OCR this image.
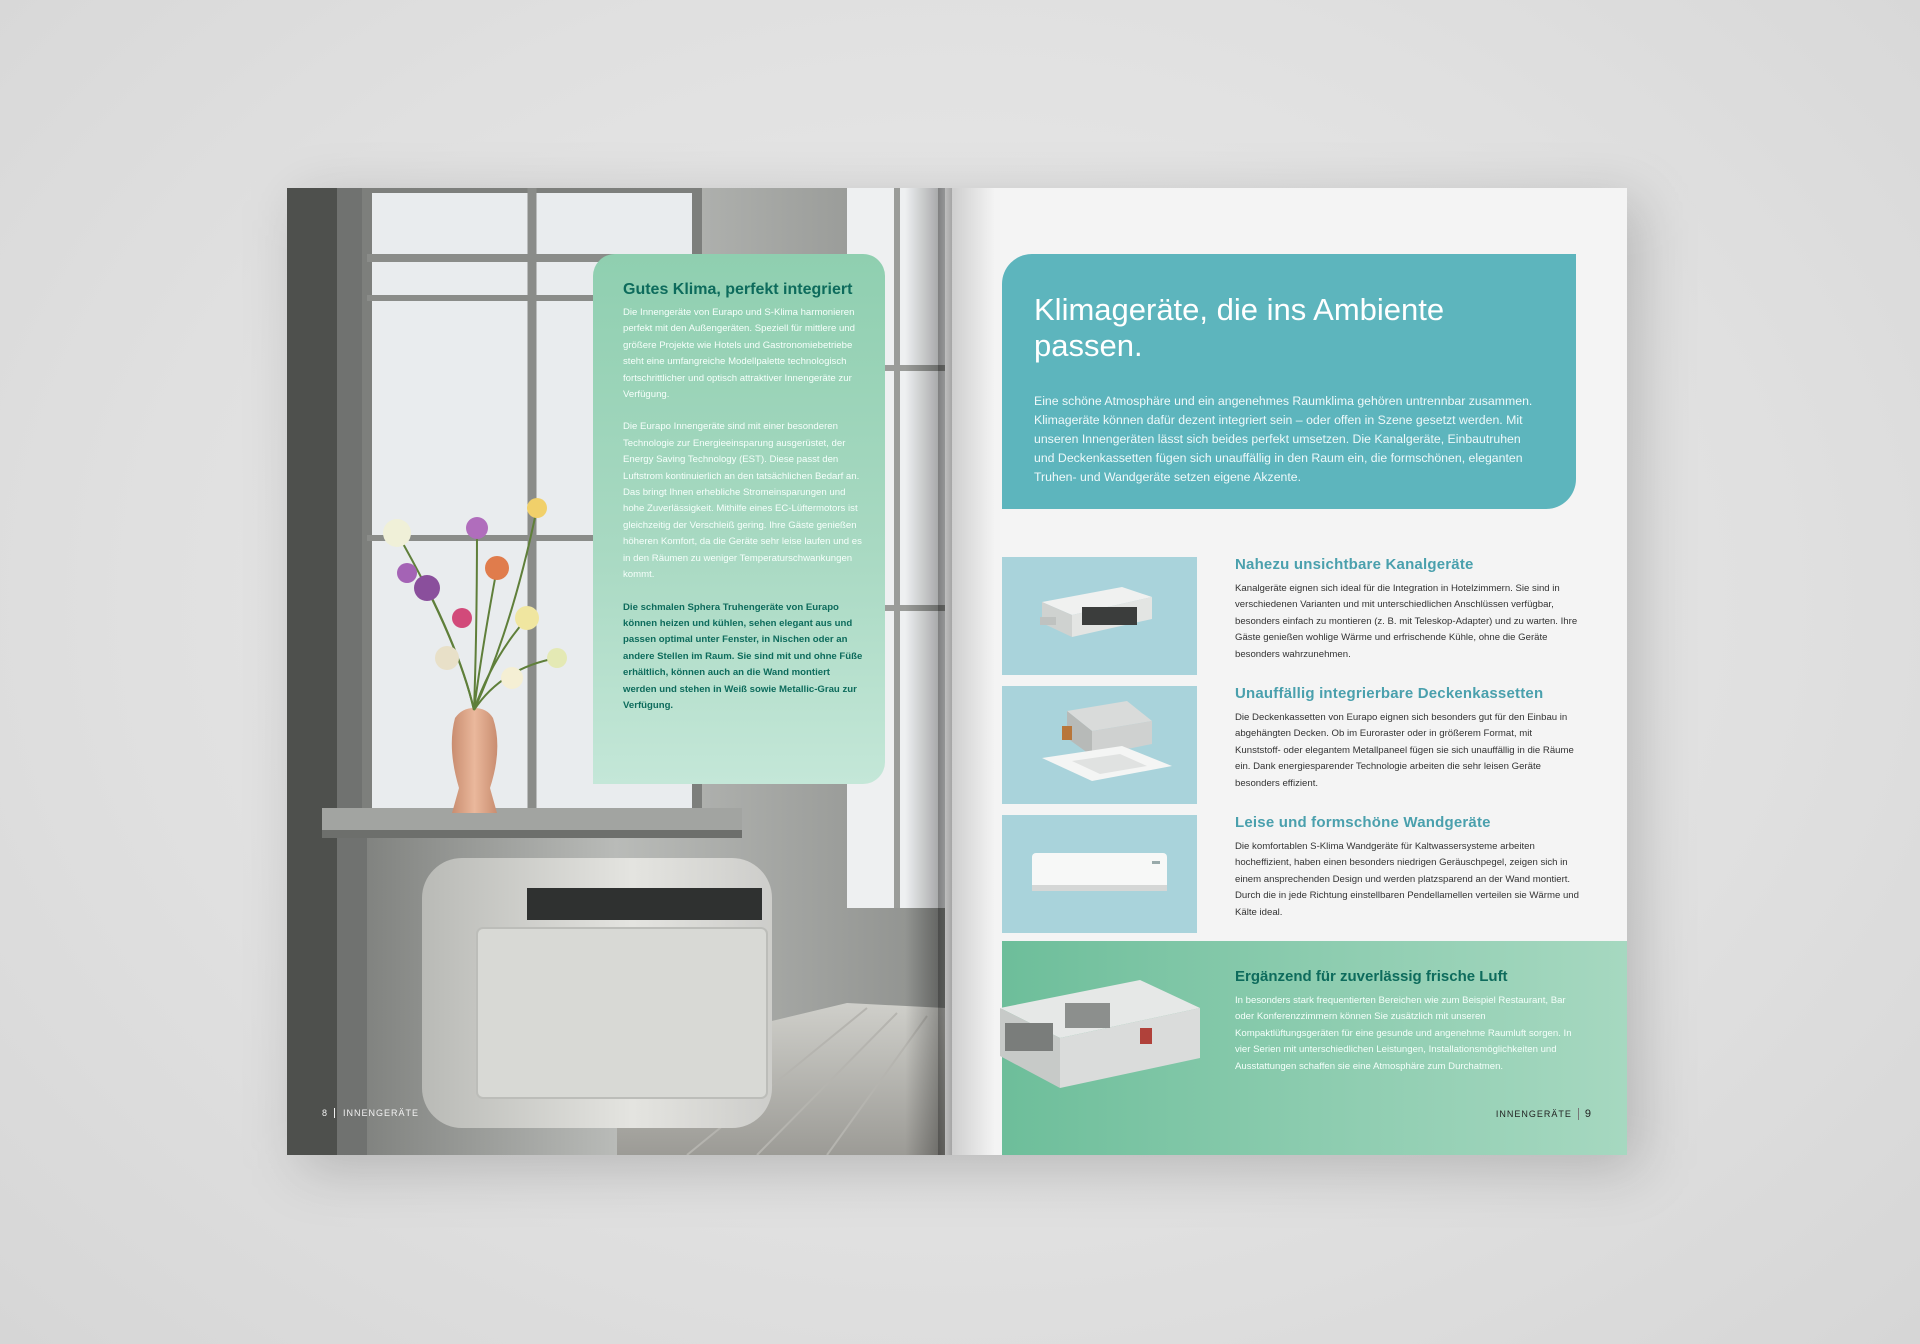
Gutes Klima, perfekt integriert

Die Innengeräte von Eurapo und S-Klima harmonieren perfekt mit den Außengeräten. Speziell für mittlere und größere Projekte wie Hotels und Gastronomiebetriebe steht eine umfangreiche Modellpalette technologisch fortschrittlicher und optisch attraktiver Innengeräte zur Verfügung.

Die Eurapo Innengeräte sind mit einer besonderen Technologie zur Energieeinsparung ausgerüstet, der Energy Saving Technology (EST). Diese passt den Luftstrom kontinuierlich an den tatsächlichen Bedarf an. Das bringt Ihnen erhebliche Stromeinsparungen und hohe Zuverlässigkeit. Mithilfe eines EC-Lüftermotors ist gleichzeitig der Verschleiß gering. Ihre Gäste genießen höheren Komfort, da die Geräte sehr leise laufen und es in den Räumen zu weniger Temperaturschwankungen kommt.

Die schmalen Sphera Truhengeräte von Eurapo können heizen und kühlen, sehen elegant aus und passen optimal unter Fenster, in Nischen oder an andere Stellen im Raum. Sie sind mit und ohne Füße erhältlich, können auch an die Wand montiert werden und stehen in Weiß sowie Metallic-Grau zur Verfügung.

8 INNENGERÄTE
Klimageräte, die ins Ambiente passen.

Eine schöne Atmosphäre und ein angenehmes Raumklima gehören untrennbar zusammen. Klimageräte können dafür dezent integriert sein – oder offen in Szene gesetzt werden. Mit unseren Innengeräten lässt sich beides perfekt umsetzen. Die Kanalgeräte, Einbautruhen und Deckenkassetten fügen sich unauffällig in den Raum ein, die formschönen, eleganten Truhen- und Wandgeräte setzen eigene Akzente.

Nahezu unsichtbare Kanalgeräte

Kanalgeräte eignen sich ideal für die Integration in Hotelzimmern. Sie sind in verschiedenen Varianten und mit unterschiedlichen Anschlüssen verfügbar, besonders einfach zu montieren (z. B. mit Teleskop-Adapter) und zu warten. Ihre Gäste genießen wohlige Wärme und erfrischende Kühle, ohne die Geräte besonders wahrzunehmen.

Unauffällig integrierbare Deckenkassetten

Die Deckenkassetten von Eurapo eignen sich besonders gut für den Einbau in abgehängten Decken. Ob im Euroraster oder in größerem Format, mit Kunststoff- oder elegantem Metallpaneel fügen sie sich unauffällig in die Räume ein. Dank energiesparender Technologie arbeiten die sehr leisen Geräte besonders effizient.

Leise und formschöne Wandgeräte

Die komfortablen S-Klima Wandgeräte für Kaltwassersysteme arbeiten hocheffizient, haben einen besonders niedrigen Geräuschpegel, zeigen sich in einem ansprechenden Design und werden platzsparend an der Wand montiert. Durch die in jede Richtung einstellbaren Pendellamellen verteilen sie Wärme und Kälte ideal.

Ergänzend für zuverlässig frische Luft

In besonders stark frequentierten Bereichen wie zum Beispiel Restaurant, Bar oder Konferenzzimmern können Sie zusätzlich mit unseren Kompaktlüftungsgeräten für eine gesunde und angenehme Raumluft sorgen. In vier Serien mit unterschiedlichen Leistungen, Installationsmöglichkeiten und Ausstattungen schaffen sie eine Atmosphäre zum Durchatmen.

INNENGERÄTE 9
